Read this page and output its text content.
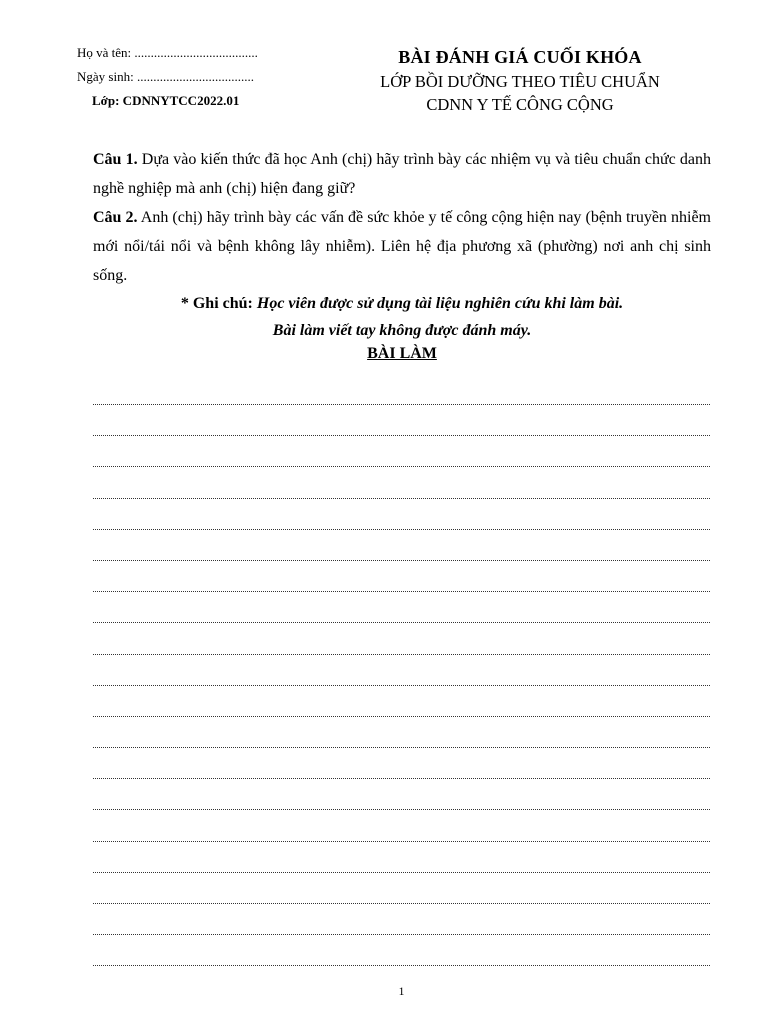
Họ và tên: ......................................
Ngày sinh: ....................................
Lớp: CDNNYTCC2022.01
BÀI ĐÁNH GIÁ CUỐI KHÓA
LỚP BỒI DƯỠNG THEO TIÊU CHUẨN
CDNN Y TẾ CÔNG CỘNG

Câu 1. Dựa vào kiến thức đã học Anh (chị) hãy trình bày các nhiệm vụ và tiêu chuẩn chức danh nghề nghiệp mà anh (chị) hiện đang giữ?

Câu 2. Anh (chị) hãy trình bày các vấn đề sức khỏe y tế công cộng hiện nay (bệnh truyền nhiễm mới nổi/tái nổi và bệnh không lây nhiễm). Liên hệ địa phương xã (phường) nơi anh chị sinh sống.

* Ghi chú: Học viên được sử dụng tài liệu nghiên cứu khi làm bài.
Bài làm viết tay không được đánh máy.
BÀI LÀM
1
